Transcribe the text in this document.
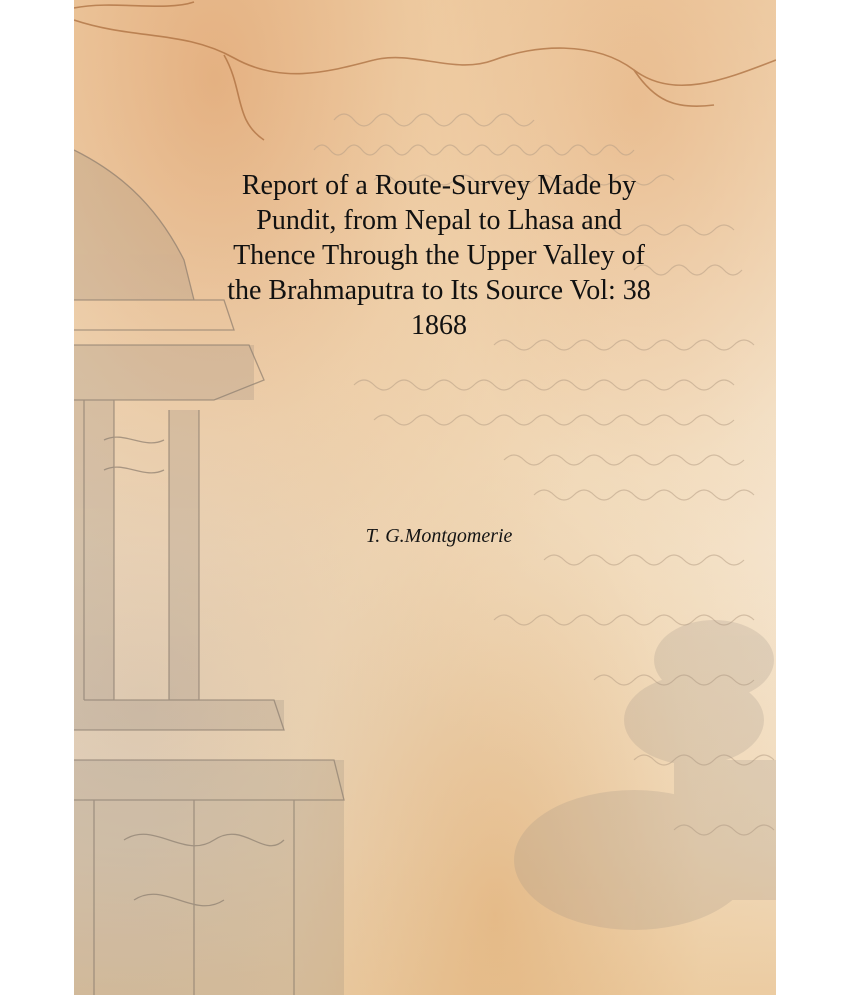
Report of a Route-Survey Made by
Pundit, from Nepal to Lhasa and
Thence Through the Upper Valley of
the Brahmaputra to Its Source Vol: 38
1868
T. G.Montgomerie
